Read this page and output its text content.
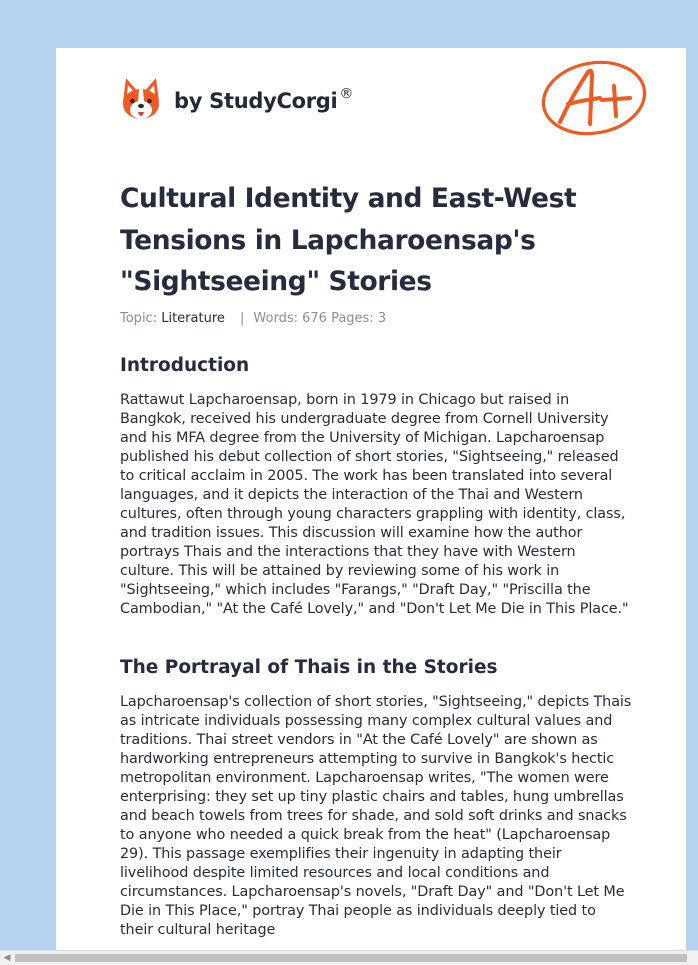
by StudyCorgi ®
Cultural Identity and East-West Tensions in Lapcharoensap's "Sightseeing" Stories
Topic: Literature | Words: 676 Pages: 3
Introduction

Rattawut Lapcharoensap, born in 1979 in Chicago but raised in Bangkok, received his undergraduate degree from Cornell University and his MFA degree from the University of Michigan. Lapcharoensap published his debut collection of short stories, "Sightseeing," released to critical acclaim in 2005. The work has been translated into several languages, and it depicts the interaction of the Thai and Western cultures, often through young characters grappling with identity, class, and tradition issues. This discussion will examine how the author portrays Thais and the interactions that they have with Western culture. This will be attained by reviewing some of his work in "Sightseeing," which includes "Farangs," "Draft Day," "Priscilla the Cambodian," "At the Café Lovely," and "Don't Let Me Die in This Place."

The Portrayal of Thais in the Stories

Lapcharoensap's collection of short stories, "Sightseeing," depicts Thais as intricate individuals possessing many complex cultural values and traditions. Thai street vendors in "At the Café Lovely" are shown as hardworking entrepreneurs attempting to survive in Bangkok's hectic metropolitan environment. Lapcharoensap writes, "The women were enterprising: they set up tiny plastic chairs and tables, hung umbrellas and beach towels from trees for shade, and sold soft drinks and snacks to anyone who needed a quick break from the heat" (Lapcharoensap 29). This passage exemplifies their ingenuity in adapting their livelihood despite limited resources and local conditions and circumstances. Lapcharoensap's novels, "Draft Day" and "Don't Let Me Die in This Place," portray Thai people as individuals deeply tied to their cultural heritage

◀
